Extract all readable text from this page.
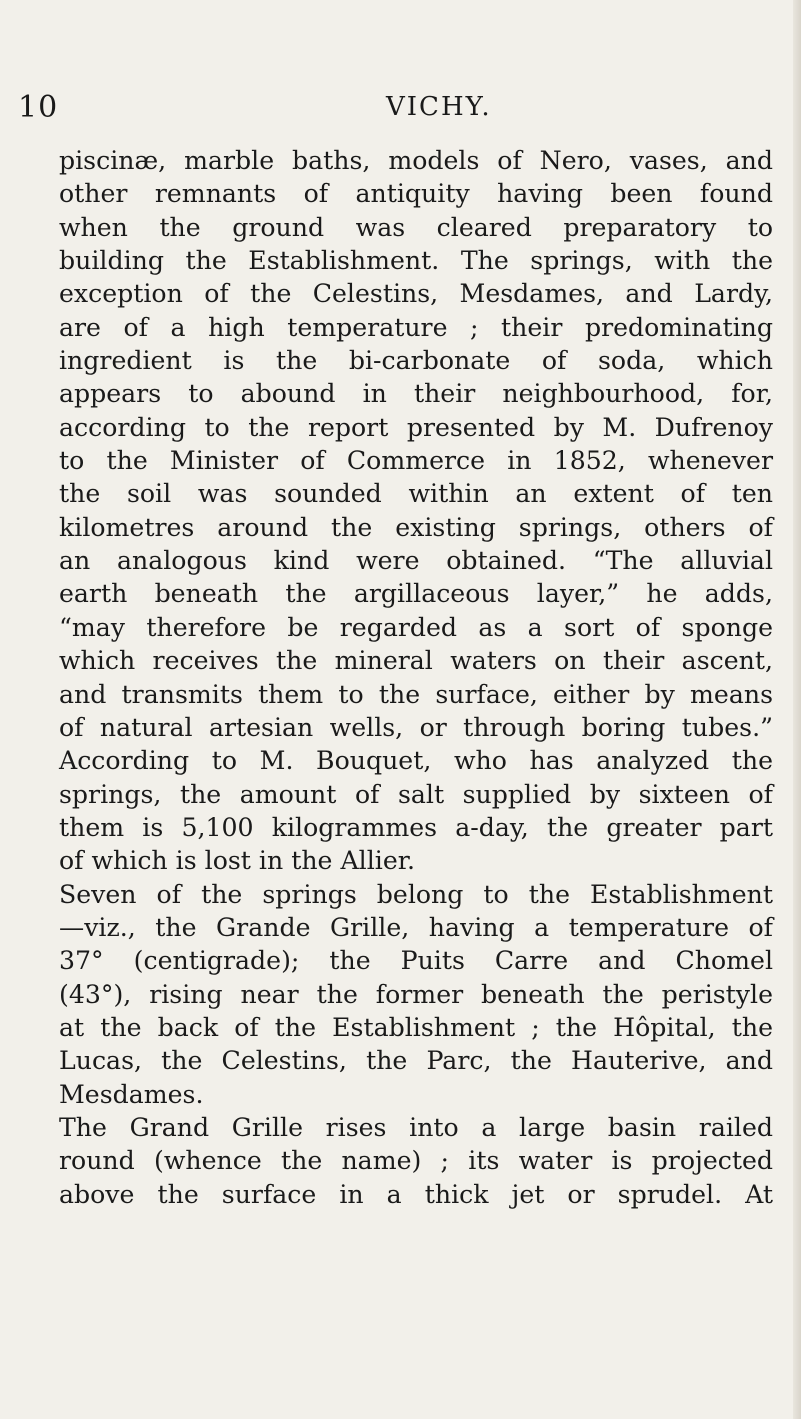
10	VICHY.
piscinæ, marble baths, models of Nero, vases, and
other remnants of antiquity having been found
when the ground was cleared preparatory to
building the Establishment. The springs, with the
exception of the Celestins, Mesdames, and Lardy,
are of a high temperature ; their predominating
ingredient is the bi-carbonate of soda, which
appears to abound in their neighbourhood, for,
according to the report presented by M. Dufrenoy
to the Minister of Commerce in 1852, whenever
the soil was sounded within an extent of ten
kilometres around the existing springs, others of
an analogous kind were obtained. “The alluvial
earth beneath the argillaceous layer,” he adds,
“may therefore be regarded as a sort of sponge
which receives the mineral waters on their ascent,
and transmits them to the surface, either by means
of natural artesian wells, or through boring tubes.”
According to M. Bouquet, who has analyzed the
springs, the amount of salt supplied by sixteen of
them is 5,100 kilogrammes a-day, the greater part
of which is lost in the Allier.
Seven of the springs belong to the Establishment
—viz., the Grande Grille, having a temperature of
37° (centigrade); the Puits Carre and Chomel
(43°), rising near the former beneath the peristyle
at the back of the Establishment ; the Hôpital, the
Lucas, the Celestins, the Parc, the Hauterive, and
Mesdames.
The Grand Grille rises into a large basin railed
round (whence the name) ; its water is projected
above the surface in a thick jet or sprudel. At
